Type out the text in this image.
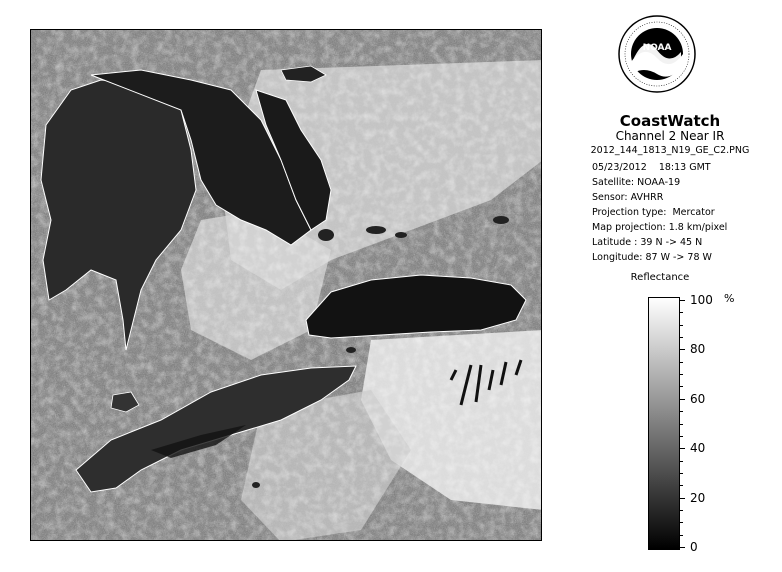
NOAA
CoastWatch
Channel 2 Near IR
2012_144_1813_N19_GE_C2.PNG
05/23/2012    18:13 GMT
Satellite: NOAA-19
Sensor: AVHRR
Projection type:  Mercator
Map projection: 1.8 km/pixel
Latitude : 39 N -> 45 N
Longitude: 87 W -> 78 W
Reflectance
%
100
80
60
40
20
0
